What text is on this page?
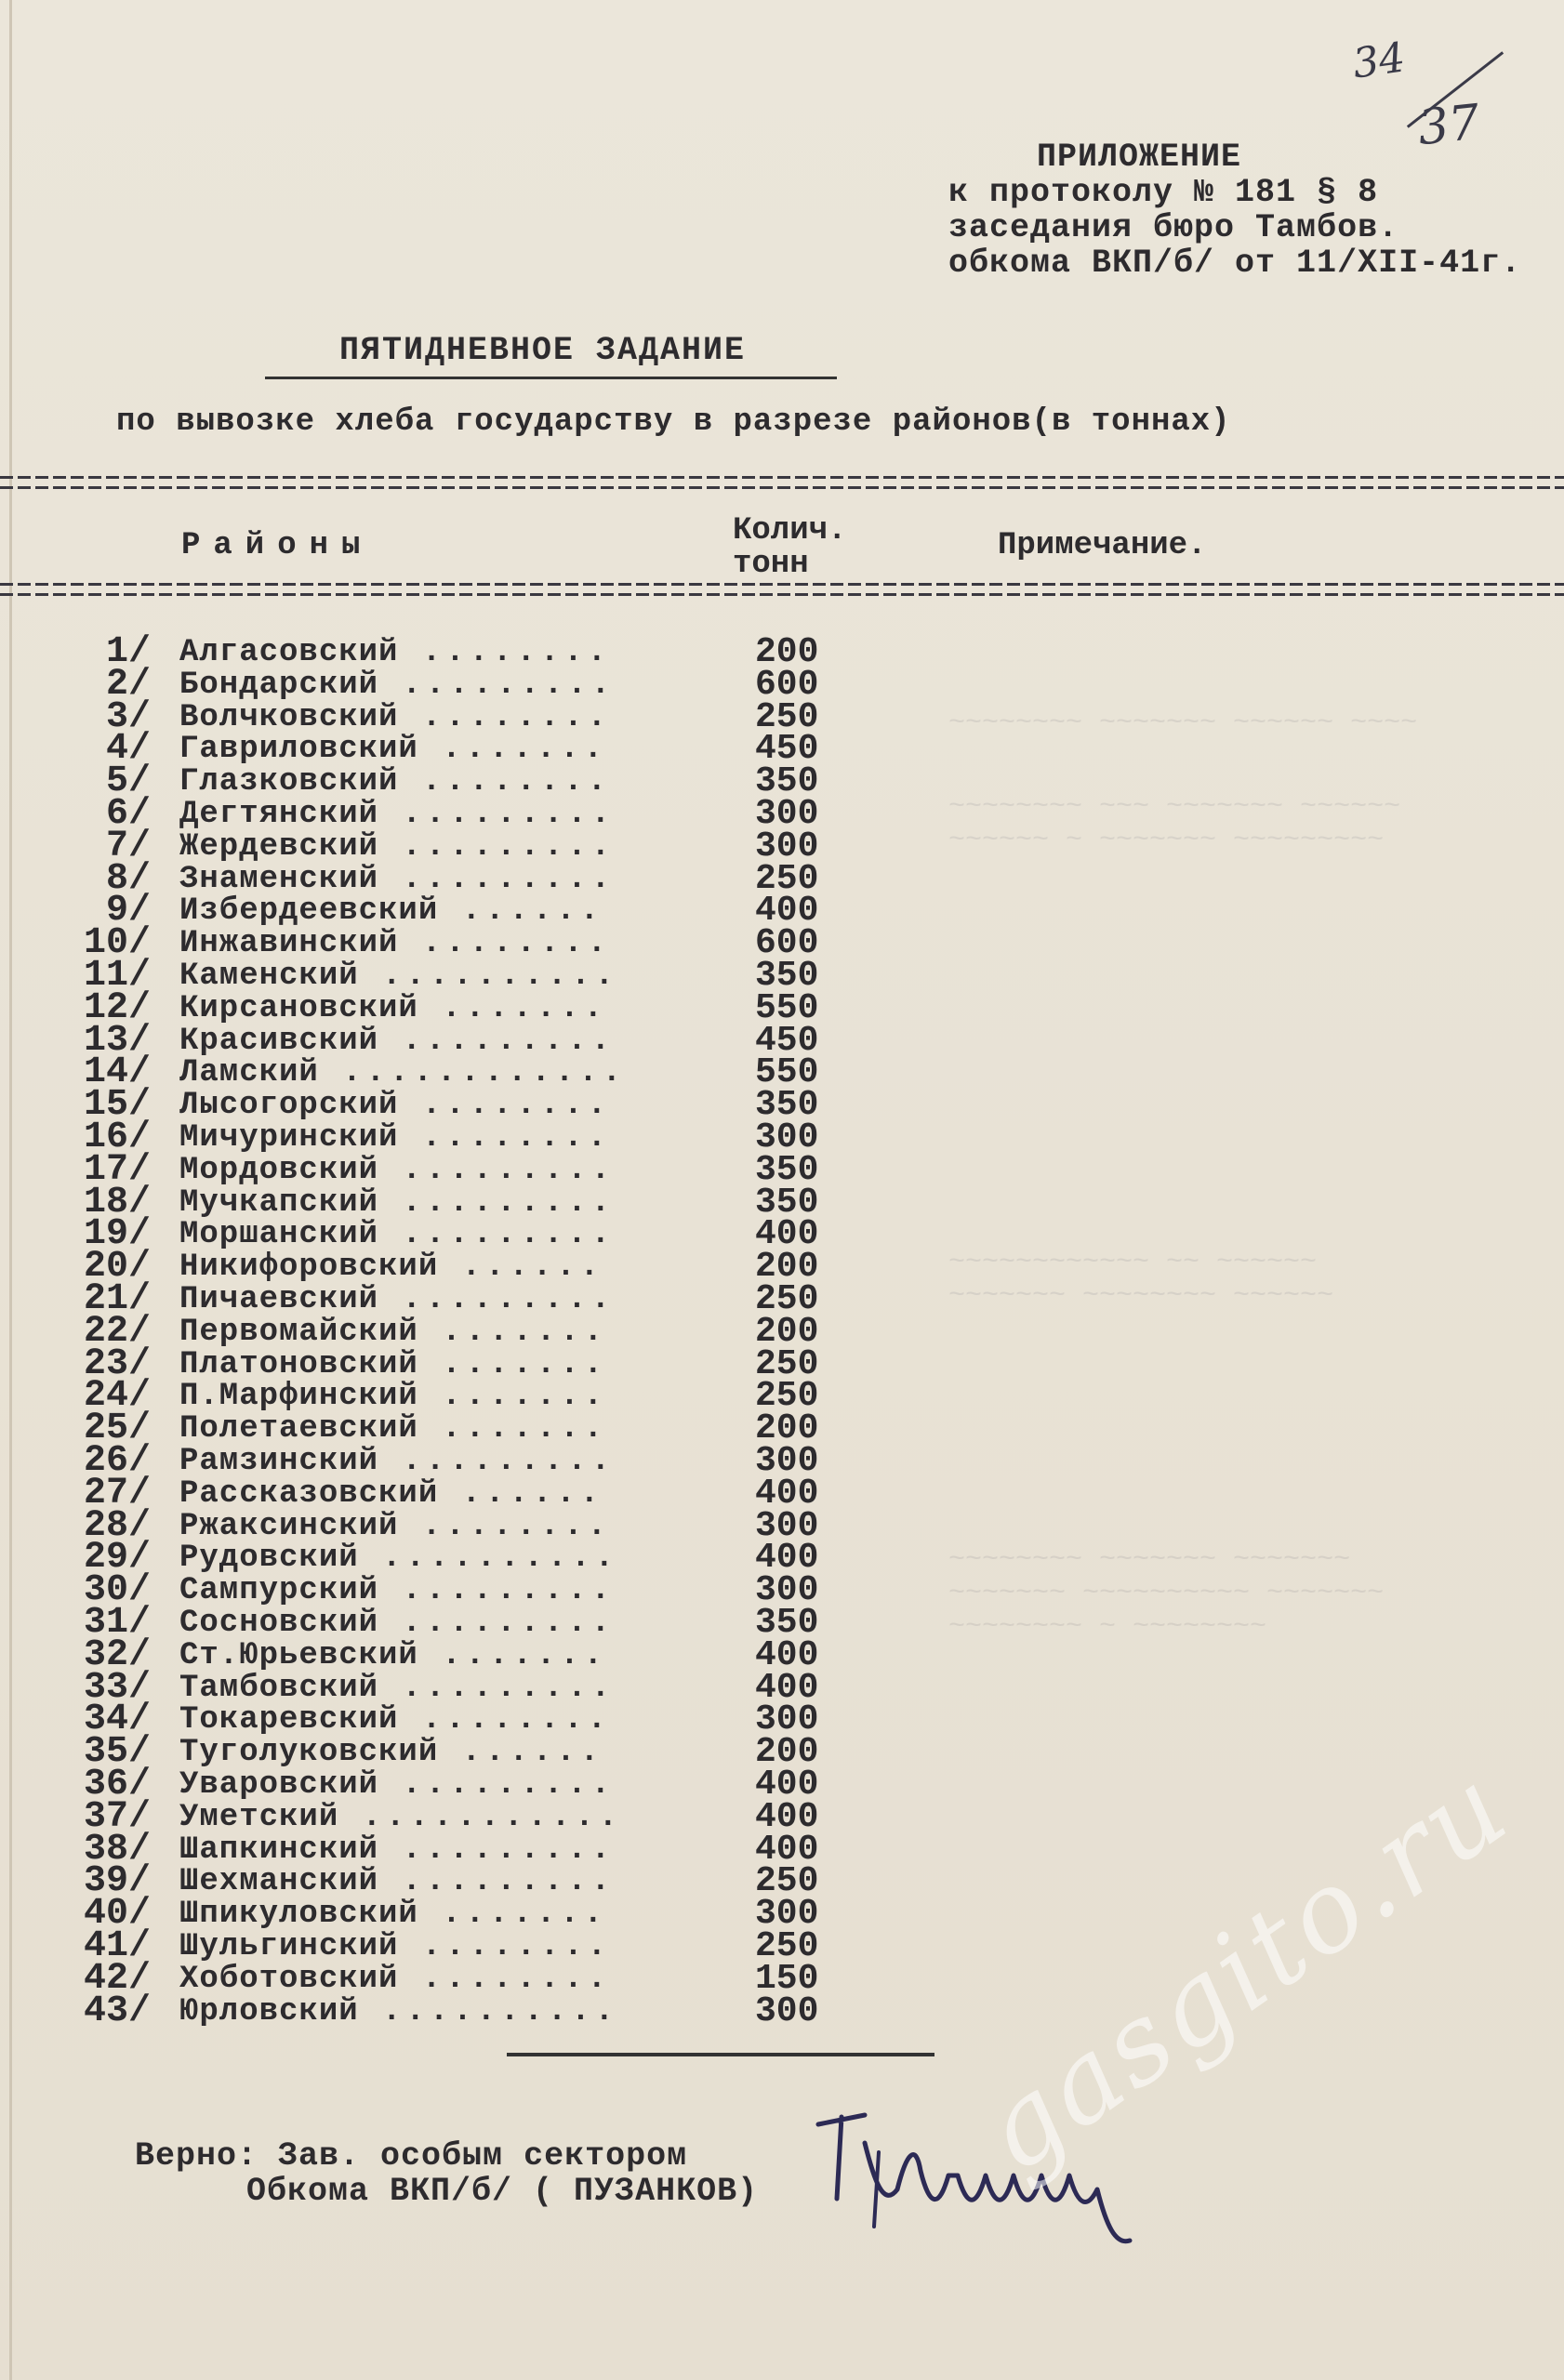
~~~~~~~~ ~~~~~~~ ~~~~~~ ~~~~
~~~~~~~~ ~~~ ~~~~~~~ ~~~~~~
~~~~~~ ~ ~~~~~~~ ~~~~~~~~~
~~~~~~~~~~~~ ~~ ~~~~~~
~~~~~~~ ~~~~~~~~ ~~~~~~
~~~~~~~~ ~~~~~~~ ~~~~~~~
~~~~~~~ ~~~~~~~~~~ ~~~~~~~
~~~~~~~~ ~ ~~~~~~~~
34
37
ПРИЛОЖЕНИЕ
к протоколу № 181 § 8
заседания бюро Тамбов.
обкома ВКП/б/ от 11/XII-41г.
ПЯТИДНЕВНОЕ ЗАДАНИЕ
по вывозке хлеба государству в разрезе районов(в тоннах)
Районы	Колич.
тонн
Примечание.
1/ Алгасовский ........	200
2/ Бондарский .........	600
3/ Волчковский ........	250
4/ Гавриловский .......	450
5/ Глазковский ........	350
6/ Дегтянский .........	300
7/ Жердевский .........	300
8/ Знаменский .........	250
9/ Избердеевский ......	400
10/ Инжавинский ........	600
11/ Каменский ..........	350
12/ Кирсановский .......	550
13/ Красивский .........	450
14/ Ламский ............	550
15/ Лысогорский ........	350
16/ Мичуринский ........	300
17/ Мордовский .........	350
18/ Мучкапский .........	350
19/ Моршанский .........	400
20/ Никифоровский ......	200
21/ Пичаевский .........	250
22/ Первомайский .......	200
23/ Платоновский .......	250
24/ П.Марфинский .......	250
25/ Полетаевский .......	200
26/ Рамзинский .........	300
27/ Рассказовский ......	400
28/ Ржаксинский ........	300
29/ Рудовский ..........	400
30/ Сампурский .........	300
31/ Сосновский .........	350
32/ Ст.Юрьевский .......	400
33/ Тамбовский .........	400
34/ Токаревский ........	300
35/ Туголуковский ......	200
36/ Уваровский .........	400
37/ Уметский ...........	400
38/ Шапкинский .........	400
39/ Шехманский .........	250
40/ Шпикуловский .......	300
41/ Шульгинский ........	250
42/ Хоботовский ........	150
43/ Юрловский ..........	300
Верно: Зав. особым сектором
Обкома ВКП/б/ ( ПУЗАНКОВ) gasgito.ru
